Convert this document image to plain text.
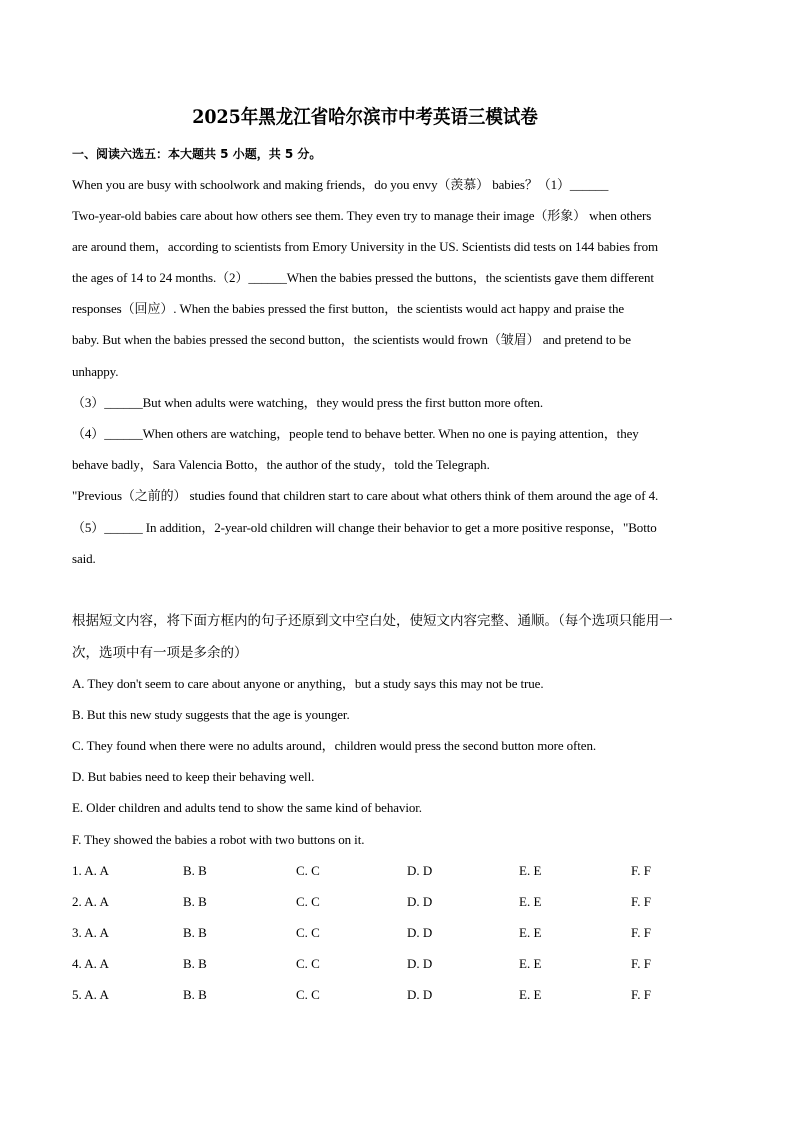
2025年黑龙江省哈尔滨市中考英语三模试卷
一、阅读六选五：本大题共 5 小题，共 5 分。
When you are busy with schoolwork and making friends，do you envy（羡慕） babies？（1）______
Two-year-old babies care about how others see them. They even try to manage their image（形象） when others
are around them，according to scientists from Emory University in the US. Scientists did tests on 144 babies from
the ages of 14 to 24 months.（2）______When the babies pressed the buttons，the scientists gave them different
responses（回应）. When the babies pressed the first button，the scientists would act happy and praise the
baby. But when the babies pressed the second button，the scientists would frown（皱眉） and pretend to be
unhappy.
（3）______But when adults were watching，they would press the first button more often.
（4）______When others are watching，people tend to behave better. When no one is paying attention，they
behave badly，Sara Valencia Botto，the author of the study，told the Telegraph.
"Previous（之前的） studies found that children start to care about what others think of them around the age of 4.
（5）______ In addition，2-year-old children will change their behavior to get a more positive response，"Botto
said.
根据短文内容，将下面方框内的句子还原到文中空白处，使短文内容完整、通顺。（每个选项只能用一
次，选项中有一项是多余的）
A. They don't seem to care about anyone or anything，but a study says this may not be true.
B. But this new study suggests that the age is younger.
C. They found when there were no adults around，children would press the second button more often.
D. But babies need to keep their behaving well.
E. Older children and adults tend to show the same kind of behavior.
F. They showed the babies a robot with two buttons on it.
1. A. A	B. B	C. C	D. D	E. E	F. F
2. A. A	B. B	C. C	D. D	E. E	F. F
3. A. A	B. B	C. C	D. D	E. E	F. F
4. A. A	B. B	C. C	D. D	E. E	F. F
5. A. A	B. B	C. C	D. D	E. E	F. F
